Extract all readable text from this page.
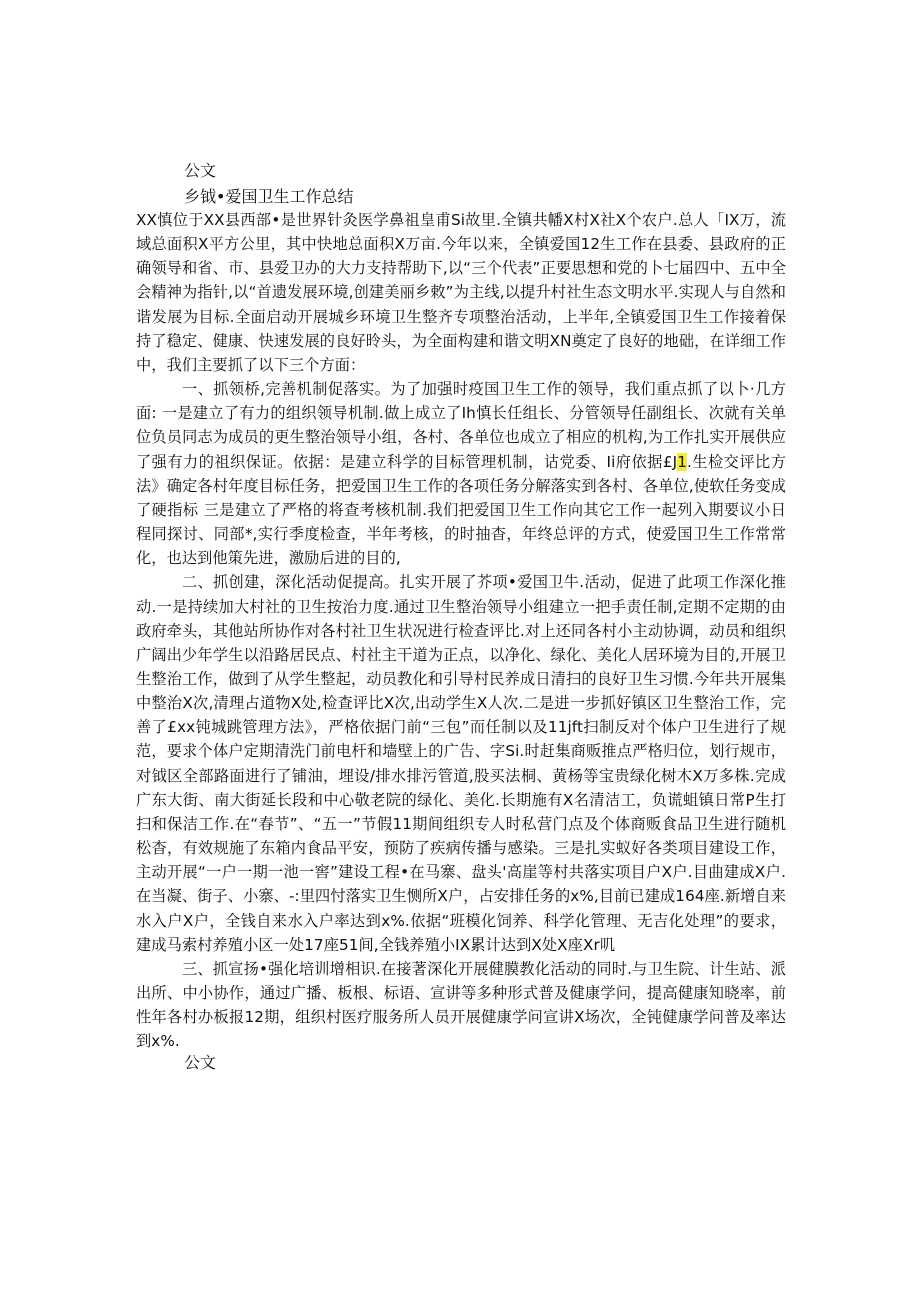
公文

乡钺•爱国卫生工作总结

XX慎位于XX县西部•是世界针灸医学鼻祖皇甫Si故里.全镇共幡X村X社X个农户.总人「IX万，流域总面积X平方公里，其中快地总面积X万亩.今年以来，全镇爱国12生工作在县委、县政府的正确领导和省、市、县爱卫办的大力支持帮助下,以“三个代表”正要思想和党的卜七届四中、五中全会精神为指针,以“首遗发展环境,创建美丽乡敕”为主线,以提升村社生态文明水平.实现人与自然和谐发展为目标.全面启动开展城乡环境卫生整齐专项整治活动，上半年,全镇爱国卫生工作接着保持了稳定、健康、快速发展的良好昤头，为全面构建和谐文明XN奠定了良好的地础，在详细工作中，我们主要抓了以下三个方面：

一、抓领桥,完善机制促落实。为了加强时疫国卫生工作的领导，我们重点抓了以卜·几方面: 一是建立了有力的组织领导机制.做上成立了Ih慎长任组长、分管领导任副组长、次就有关单位负员同志为成员的更生整治领导小组，各村、各单位也成立了相应的机构,为工作扎实开展供应了强有力的祖织保证。依据：是建立科学的目标管理机制，诂党委、Ii府依据£J1.生检交评比方法》确定各村年度目标任务，把爱国卫生工作的各项任务分解落实到各村、各单位,使软任务变成了硬指标 三是建立了严格的将查考核机制.我们把爱国卫生工作向其它工作一起列入期要议小日程同探讨、同部*,实行季度检查，半年考核，的时抽杳，年终总评的方式，使爱国卫生工作常常化，也达到他策先进，激励后进的目的,

二、抓创建，深化活动促提高。扎实开展了芥项•爱国卫牛.活动，促进了此项工作深化推动.一是持续加大村社的卫生按治力度.通过卫生整治领导小组建立一把手责任制,定期不定期的由政府牵头，其他站所协作对各村社卫生状况进行检查评比.对上还同各村小主动协调，动员和组织广阔出少年学生以沿路居民点、村社主干道为正点，以净化、绿化、美化人居环境为目的,开展卫生整治工作，做到了从学生整起，动员教化和引导村民养成日清扫的良好卫生习惯.今年共开展集中整治X次,清理占道物X处,检查评比X次,出动学生X人次.二是进一步抓好镇区卫生整治工作，完善了£xx钝城跳管理方法》，严格依据门前“三包”而任制以及11jft扫制反对个体户卫生进行了规范，要求个体户定期清洗门前电杆和墙壁上的广告、字Si.时赶集商贩推点严格归位，划行规市，对钺区全部路面进行了铺油，埋设/排水排污管道,股买法桐、黄杨等宝贵绿化树木X万多株.完成广东大街、南大街延长段和中心敬老院的绿化、美化.长期施有X名清洁工，负谎蛆镇日常P生打扫和保洁工作.在“春节”、“五一”节假11期间组织专人时私营门点及个体商贩食品卫生进行随机松杳，有效规施了东箱内食品平安，预防了疾病传播与感染。三是扎实蚁好各类项目建设工作，主动开展“一户一期一池一窖”建设工程•在马寨、盘头'高崖等村共落实项目户X户.目曲建成X户.在当凝、街子、小寨、-:里四忖落实卫生恻所X户，占安排任务的x%,目前已建成164座.新增自来水入户X户，全钱自来水入户率达到x%.依据“班模化饲养、科学化管理、无吉化处理”的要求，建成马索村养殖小区一处17座51间,全钱养殖小IX累计达到X处X座Xr叽

三、抓宣扬•强化培训增相识.在接著深化开展健膜教化活动的同时.与卫生院、计生站、派出所、中小协作，通过广播、板根、标语、宣讲等多种形式普及健康学问，提高健康知晓率，前性年各村办板报12期，组织村医疗服务所人员开展健康学问宣讲X场次，全钝健康学问普及率达到x%.

公文
